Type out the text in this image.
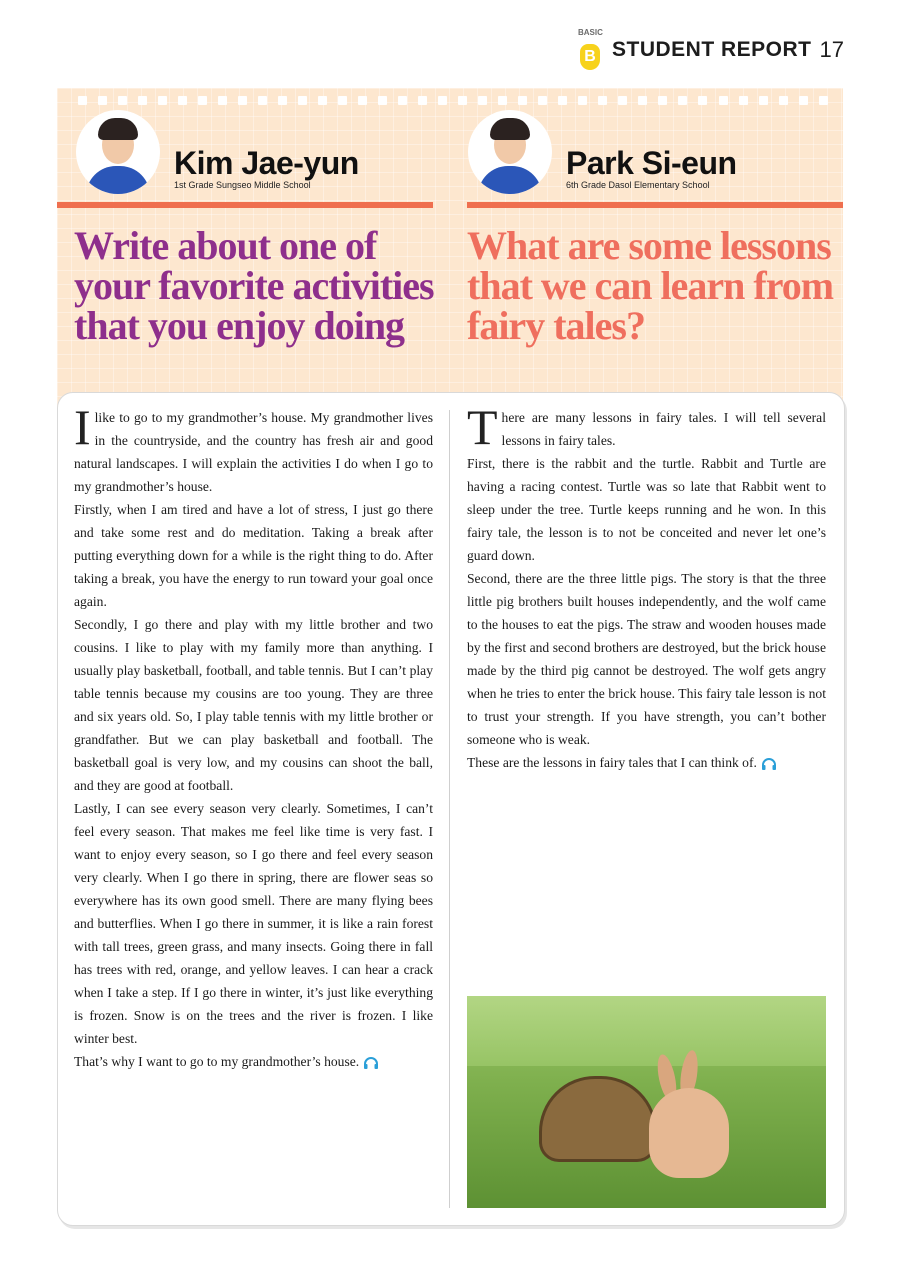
BASIC
B STUDENT REPORT 17
Kim Jae-yun
1st Grade Sungseo Middle School
Park Si-eun
6th Grade Dasol Elementary School
Write about one of your favorite activities that you enjoy doing
What are some lessons that we can learn from fairy tales?

Ilike to go to my grandmother’s house. My grandmother lives in the countryside, and the country has fresh air and good natural landscapes. I will explain the activities I do when I go to my grandmother’s house.

Firstly, when I am tired and have a lot of stress, I just go there and take some rest and do meditation. Taking a break after putting everything down for a while is the right thing to do. After taking a break, you have the energy to run toward your goal once again.

Secondly, I go there and play with my little brother and two cousins. I like to play with my family more than anything. I usually play basketball, football, and table tennis. But I can’t play table tennis because my cousins are too young. They are three and six years old. So, I play table tennis with my little brother or grandfather. But we can play basketball and football. The basketball goal is very low, and my cousins can shoot the ball, and they are good at football.

Lastly, I can see every season very clearly. Sometimes, I can’t feel every season. That makes me feel like time is very fast. I want to enjoy every season, so I go there and feel every season very clearly. When I go there in spring, there are flower seas so everywhere has its own good smell. There are many flying bees and butterflies. When I go there in summer, it is like a rain forest with tall trees, green grass, and many insects. Going there in fall has trees with red, orange, and yellow leaves. I can hear a crack when I take a step. If I go there in winter, it’s just like everything is frozen. Snow is on the trees and the river is frozen. I like winter best.

That’s why I want to go to my grandmother’s house.

There are many lessons in fairy tales. I will tell several lessons in fairy tales.

First, there is the rabbit and the turtle. Rabbit and Turtle are having a racing contest. Turtle was so late that Rabbit went to sleep under the tree. Turtle keeps running and he won. In this fairy tale, the lesson is to not be conceited and never let one’s guard down.

Second, there are the three little pigs. The story is that the three little pig brothers built houses independently, and the wolf came to the houses to eat the pigs. The straw and wooden houses made by the first and second brothers are destroyed, but the brick house made by the third pig cannot be destroyed. The wolf gets angry when he tries to enter the brick house. This fairy tale lesson is not to trust your strength. If you have strength, you can’t bother someone who is weak.

These are the lessons in fairy tales that I can think of.
